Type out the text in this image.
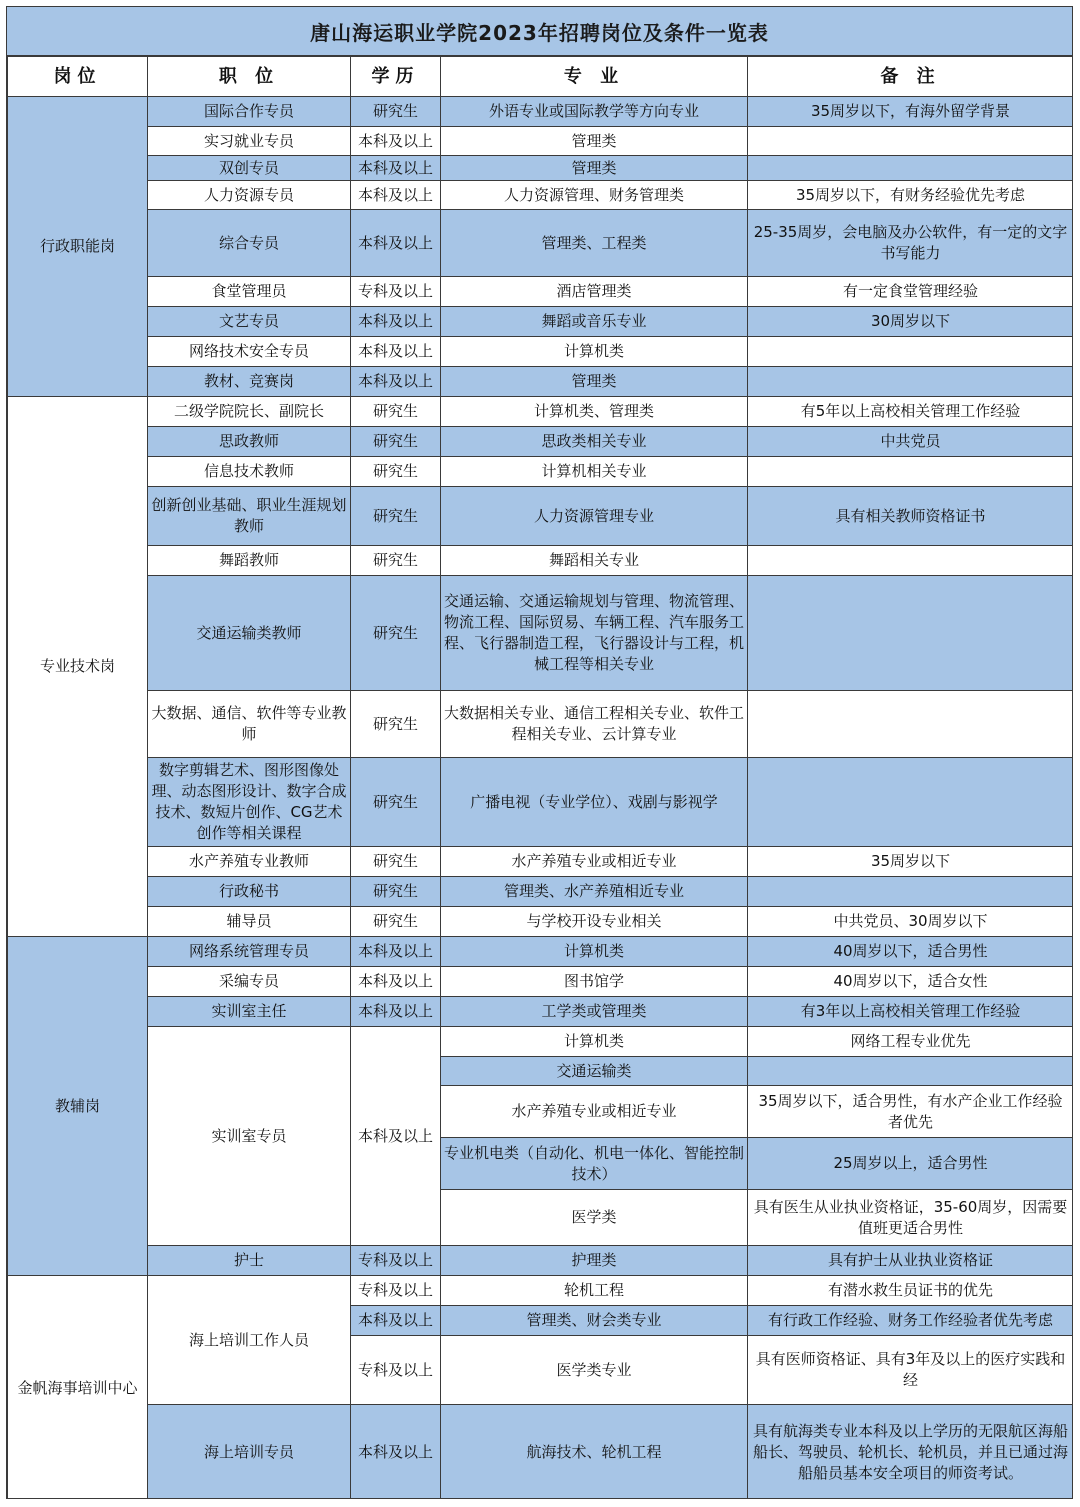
唐山海运职业学院2023年招聘岗位及条件一览表
岗位	职 位	学历	专 业	备 注
行政职能岗	国际合作专员	研究生	外语专业或国际教学等方向专业	35周岁以下，有海外留学背景
	实习就业专员	本科及以上	管理类	
	双创专员	本科及以上	管理类	
	人力资源专员	本科及以上	人力资源管理、财务管理类	35周岁以下，有财务经验优先考虑
	综合专员	本科及以上	管理类、工程类	25-35周岁，会电脑及办公软件，有一定的文字书写能力
	食堂管理员	专科及以上	酒店管理类	有一定食堂管理经验
	文艺专员	本科及以上	舞蹈或音乐专业	30周岁以下
	网络技术安全专员	本科及以上	计算机类	
	教材、竞赛岗	本科及以上	管理类	
专业技术岗	二级学院院长、副院长	研究生	计算机类、管理类	有5年以上高校相关管理工作经验
	思政教师	研究生	思政类相关专业	中共党员
	信息技术教师	研究生	计算机相关专业	
	创新创业基础、职业生涯规划教师	研究生	人力资源管理专业	具有相关教师资格证书
	舞蹈教师	研究生	舞蹈相关专业	
	交通运输类教师	研究生	交通运输、交通运输规划与管理、物流管理、物流工程、国际贸易、车辆工程、汽车服务工程、飞行器制造工程，飞行器设计与工程，机械工程等相关专业	
	大数据、通信、软件等专业教师	研究生	大数据相关专业、通信工程相关专业、软件工程相关专业、云计算专业	
	数字剪辑艺术、图形图像处理、动态图形设计、数字合成技术、数短片创作、CG艺术创作等相关课程	研究生	广播电视（专业学位）、戏剧与影视学	
	水产养殖专业教师	研究生	水产养殖专业或相近专业	35周岁以下
	行政秘书	研究生	管理类、水产养殖相近专业	
	辅导员	研究生	与学校开设专业相关	中共党员、30周岁以下
教辅岗	网络系统管理专员	本科及以上	计算机类	40周岁以下，适合男性
	采编专员	本科及以上	图书馆学	40周岁以下，适合女性
	实训室主任	本科及以上	工学类或管理类	有3年以上高校相关管理工作经验
	实训室专员	本科及以上	计算机类	网络工程专业优先
			交通运输类	
			水产养殖专业或相近专业	35周岁以下，适合男性，有水产企业工作经验者优先
			专业机电类（自动化、机电一体化、智能控制技术）	25周岁以上，适合男性
			医学类	具有医生从业执业资格证，35-60周岁，因需要值班更适合男性
	护士	专科及以上	护理类	具有护士从业执业资格证
金帆海事培训中心	海上培训工作人员	专科及以上	轮机工程	有潜水救生员证书的优先
		本科及以上	管理类、财会类专业	有行政工作经验、财务工作经验者优先考虑
		专科及以上	医学类专业	具有医师资格证、具有3年及以上的医疗实践和经
	海上培训专员	本科及以上	航海技术、轮机工程	具有航海类专业本科及以上学历的无限航区海船船长、驾驶员、轮机长、轮机员，并且已通过海船船员基本安全项目的师资考试。
